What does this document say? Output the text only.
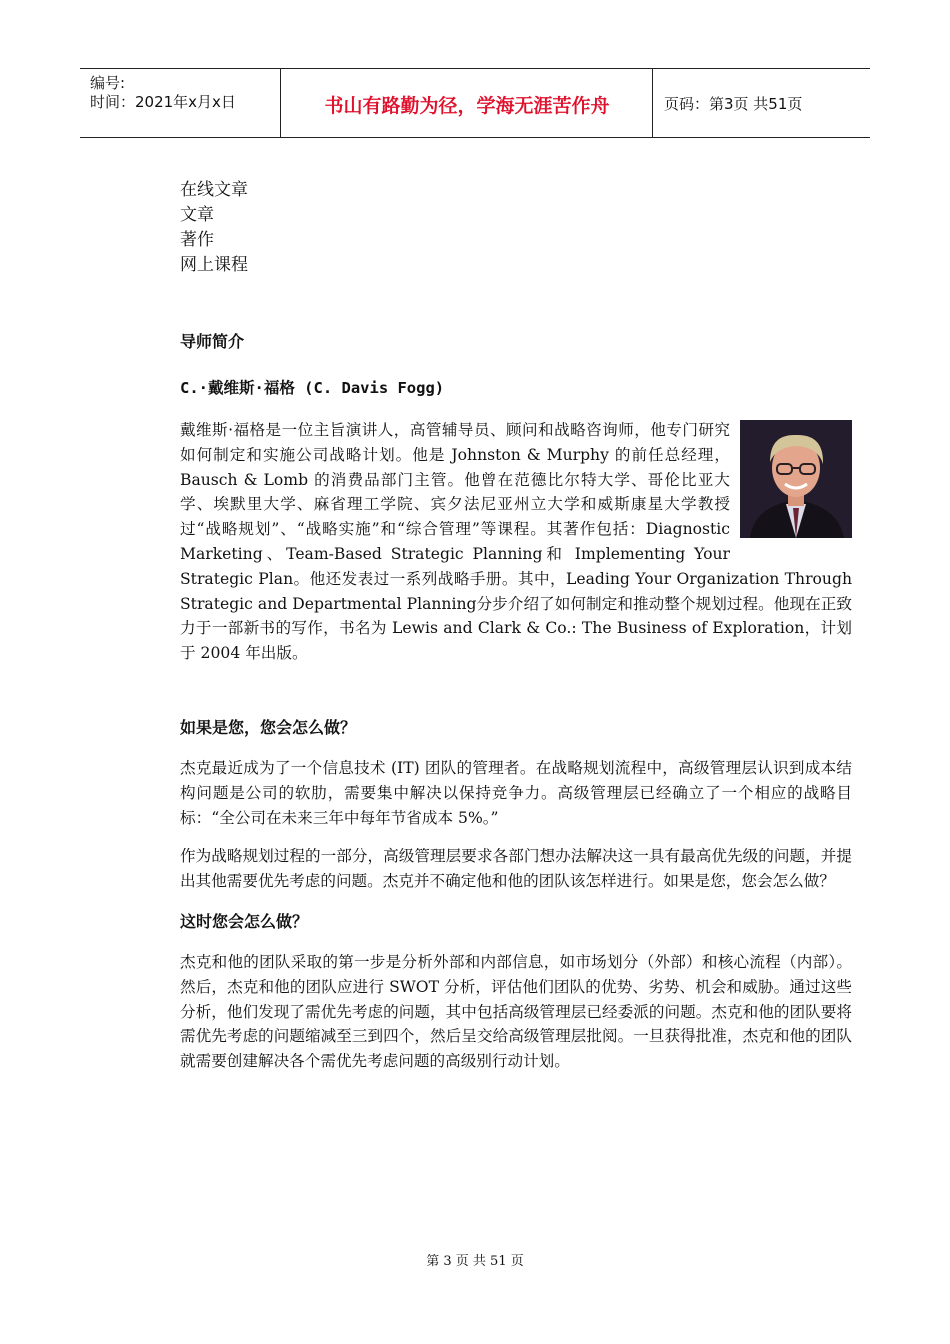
编号:
时间：2021年x月x日	书山有路勤为径，学海无涯苦作舟	页码：第3页 共51页
在线文章
文章
著作
网上课程
导师简介
C.·戴维斯·福格 (C. Davis Fogg)

戴维斯·福格是一位主旨演讲人，高管辅导员、顾问和战略咨询师，他专门研究如何制定和实施公司战略计划。他是 Johnston & Murphy 的前任总经理，Bausch & Lomb 的消费品部门主管。他曾在范德比尔特大学、哥伦比亚大学、埃默里大学、麻省理工学院、宾夕法尼亚州立大学和威斯康星大学教授过“战略规划”、“战略实施”和“综合管理”等课程。其著作包括：Diagnostic Marketing、Team-Based Strategic Planning和 Implementing Your Strategic Plan。他还发表过一系列战略手册。其中，Leading Your Organization Through Strategic and Departmental Planning分步介绍了如何制定和推动整个规划过程。他现在正致力于一部新书的写作，书名为 Lewis and Clark & Co.: The Business of Exploration，计划于 2004 年出版。

如果是您，您会怎么做？

杰克最近成为了一个信息技术 (IT) 团队的管理者。在战略规划流程中，高级管理层认识到成本结构问题是公司的软肋，需要集中解决以保持竞争力。高级管理层已经确立了一个相应的战略目标：“全公司在未来三年中每年节省成本 5%。”

作为战略规划过程的一部分，高级管理层要求各部门想办法解决这一具有最高优先级的问题，并提出其他需要优先考虑的问题。杰克并不确定他和他的团队该怎样进行。如果是您，您会怎么做？

这时您会怎么做？

杰克和他的团队采取的第一步是分析外部和内部信息，如市场划分（外部）和核心流程（内部）。然后，杰克和他的团队应进行 SWOT 分析，评估他们团队的优势、劣势、机会和威胁。通过这些分析，他们发现了需优先考虑的问题，其中包括高级管理层已经委派的问题。杰克和他的团队要将需优先考虑的问题缩减至三到四个，然后呈交给高级管理层批阅。一旦获得批准，杰克和他的团队就需要创建解决各个需优先考虑问题的高级别行动计划。

第 3 页 共 51 页
